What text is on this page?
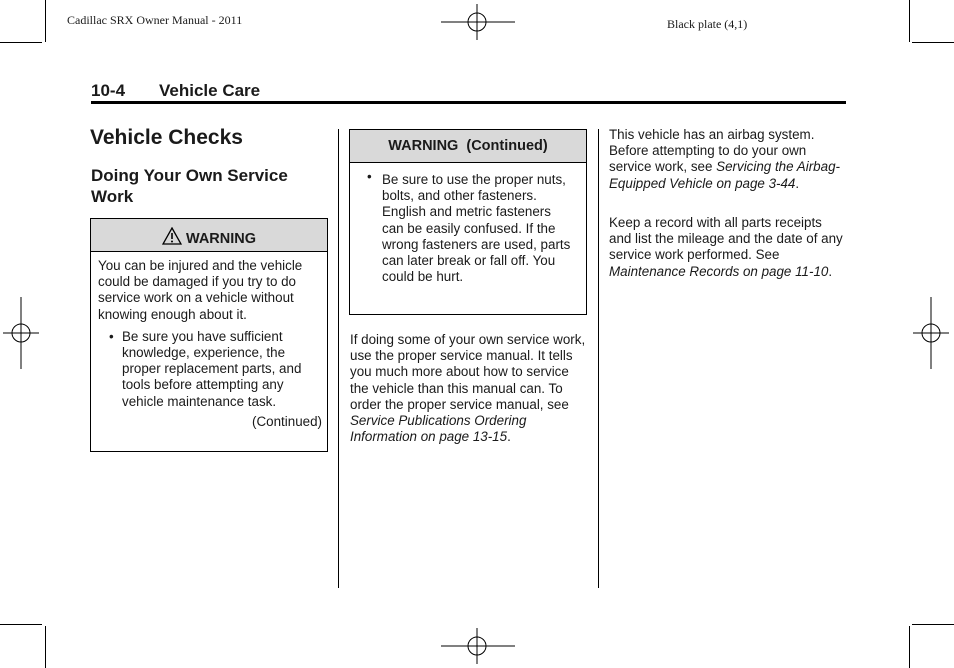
Cadillac SRX Owner Manual - 2011	Black plate (4,1)
10-4 Vehicle Care
Vehicle Checks
Doing Your Own Service Work
WARNING

You can be injured and the vehicle could be damaged if you try to do service work on a vehicle without knowing enough about it.

• Be sure you have sufficient knowledge, experience, the proper replacement parts, and tools before attempting any vehicle maintenance task.

(Continued)

WARNING  (Continued)
• Be sure to use the proper nuts, bolts, and other fasteners. English and metric fasteners can be easily confused. If the wrong fasteners are used, parts can later break or fall off. You could be hurt.
If doing some of your own service work, use the proper service manual. It tells you much more about how to service the vehicle than this manual can. To order the proper service manual, see Service Publications Ordering Information on page 13-15.
This vehicle has an airbag system. Before attempting to do your own service work, see Servicing the Airbag-Equipped Vehicle on page 3-44.
Keep a record with all parts receipts and list the mileage and the date of any service work performed. See Maintenance Records on page 11-10.
